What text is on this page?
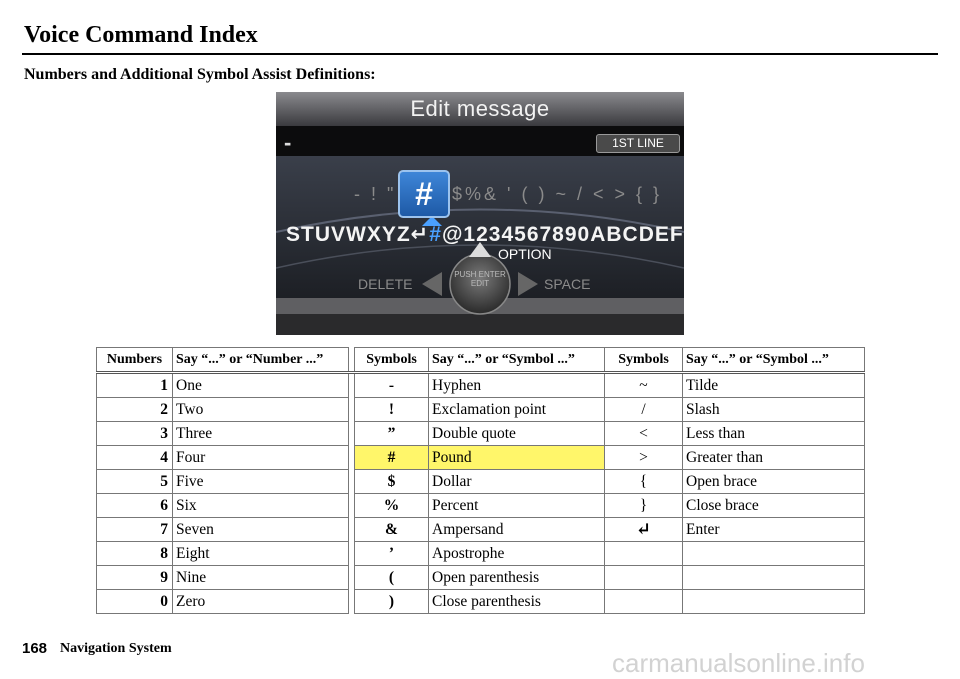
Voice Command Index
Numbers and Additional Symbol Assist Definitions:
Edit message
-	1ST LINE
- ! "	$%& ' ( ) ~ / < > { }
#
STUVWXYZ↵#@1234567890ABCDEF
OPTION
DELETE	SPACE
PUSH ENTER EDIT
Numbers	Say “...” or “Number ...”		Symbols	Say “...” or “Symbol ...”	Symbols	Say “...” or “Symbol ...”
1	One		-	Hyphen	~	Tilde
2	Two		!	Exclamation point	/	Slash
3	Three		”	Double quote	<	Less than
4	Four		#	Pound	>	Greater than
5	Five		$	Dollar	{	Open brace
6	Six		%	Percent	}	Close brace
7	Seven		&	Ampersand	↵	Enter
8	Eight		’	Apostrophe		
9	Nine		(	Open parenthesis		
0	Zero		)	Close parenthesis		
168 Navigation System	carmanualsonline.info
